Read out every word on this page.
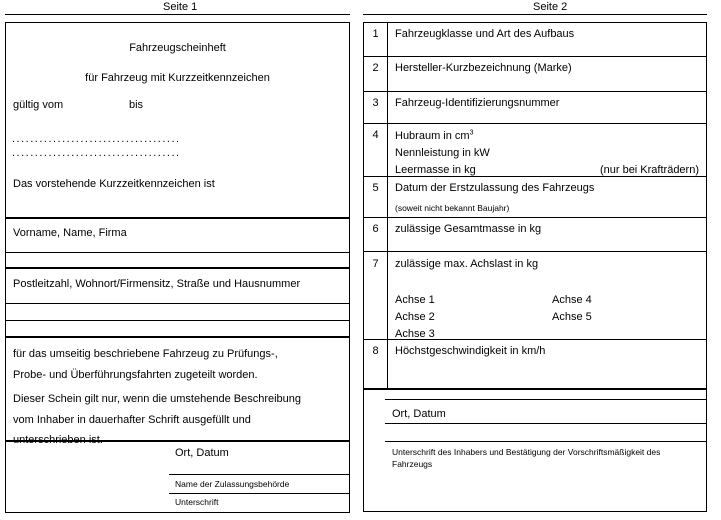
Seite 1	Seite 2
Fahrzeugscheinheft
für Fahrzeug mit Kurzzeitkennzeichen
gültig vom	bis
.....................................
.....................................
Das vorstehende Kurzzeitkennzeichen ist
Vorname, Name, Firma
Postleitzahl, Wohnort/Firmensitz, Straße und Hausnummer
für das umseitig beschriebene Fahrzeug zu Prüfungs-,
Probe- und Überführungsfahrten zugeteilt worden.
Dieser Schein gilt nur, wenn die umstehende Beschreibung
vom Inhaber in dauerhafter Schrift ausgefüllt und
Ort, Datum
Name der Zulassungsbehörde
Unterschrift
1	Fahrzeugklasse und Art des Aufbaus
2	Hersteller-Kurzbezeichnung (Marke)
3	Fahrzeug-Identifizierungsnummer
4	Hubraum in $cm^3$
Nennleistung in kW
Leermasse in kg	(nur bei Krafträdern)
5	Datum der Erstzulassung des Fahrzeugs
(soweit nicht bekannt Baujahr)
6	zulässige Gesamtmasse in kg
7	zulässige max. Achslast in kg
Achse 1	Achse 4
Achse 2	Achse 5
Achse 3
8	Höchstgeschwindigkeit in km/h
Ort, Datum
Unterschrift des Inhabers und Bestätigung der Vorschriftsmäßigkeit des Fahrzeugs
